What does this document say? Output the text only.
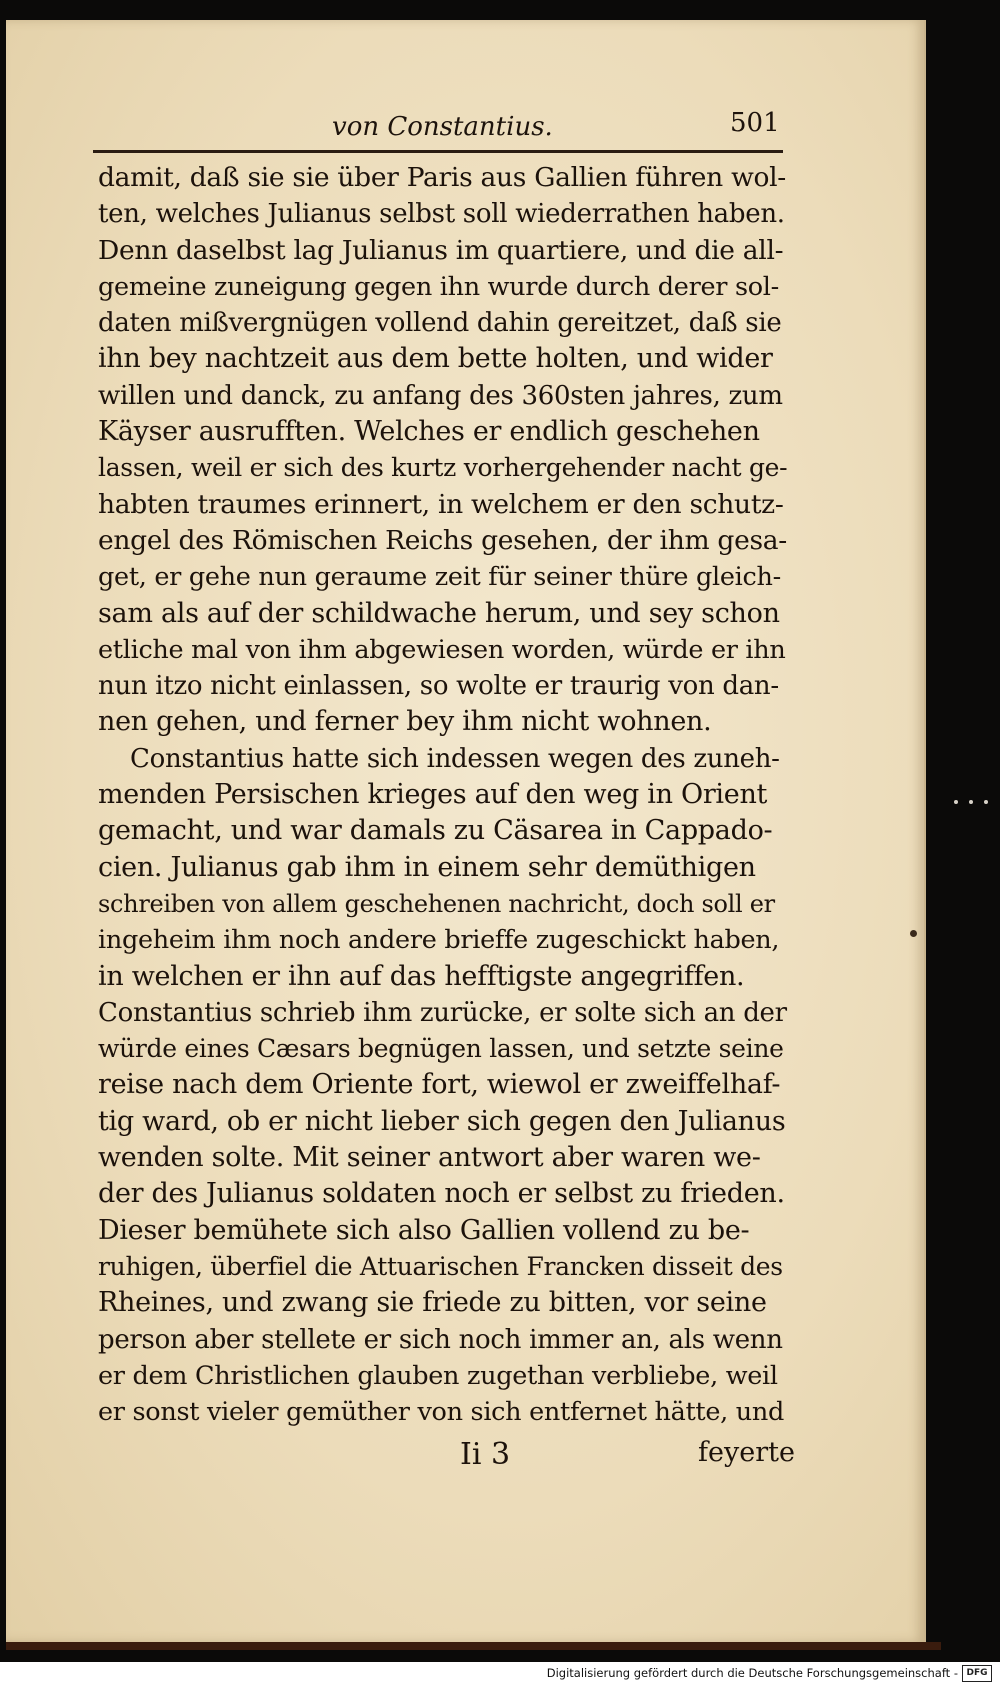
von Constantius.	501
damit, daß sie sie über Paris aus Gallien führen wol-
ten, welches Julianus selbst soll wiederrathen haben.
Denn daselbst lag Julianus im quartiere, und die all-
gemeine zuneigung gegen ihn wurde durch derer sol-
daten mißvergnügen vollend dahin gereitzet, daß sie
ihn bey nachtzeit aus dem bette holten, und wider
willen und danck, zu anfang des 360sten jahres, zum
Käyser ausrufften. Welches er endlich geschehen
lassen, weil er sich des kurtz vorhergehender nacht ge-
habten traumes erinnert, in welchem er den schutz-
engel des Römischen Reichs gesehen, der ihm gesa-
get, er gehe nun geraume zeit für seiner thüre gleich-
sam als auf der schildwache herum, und sey schon
etliche mal von ihm abgewiesen worden, würde er ihn
nun itzo nicht einlassen, so wolte er traurig von dan-
nen gehen, und ferner bey ihm nicht wohnen.
Constantius hatte sich indessen wegen des zuneh-
menden Persischen krieges auf den weg in Orient
gemacht, und war damals zu Cäsarea in Cappado-
cien. Julianus gab ihm in einem sehr demüthigen
schreiben von allem geschehenen nachricht, doch soll er
ingeheim ihm noch andere brieffe zugeschickt haben,
in welchen er ihn auf das hefftigste angegriffen.
Constantius schrieb ihm zurücke, er solte sich an der
würde eines Cæsars begnügen lassen, und setzte seine
reise nach dem Oriente fort, wiewol er zweiffelhaf-
tig ward, ob er nicht lieber sich gegen den Julianus
wenden solte. Mit seiner antwort aber waren we-
der des Julianus soldaten noch er selbst zu frieden.
Dieser bemühete sich also Gallien vollend zu be-
ruhigen, überfiel die Attuarischen Francken disseit des
Rheines, und zwang sie friede zu bitten, vor seine
person aber stellete er sich noch immer an, als wenn
er dem Christlichen glauben zugethan verbliebe, weil
er sonst vieler gemüther von sich entfernet hätte, und
Ii 3	feyerte
Digitalisierung gefördert durch die Deutsche Forschungsgemeinschaft - DFG
